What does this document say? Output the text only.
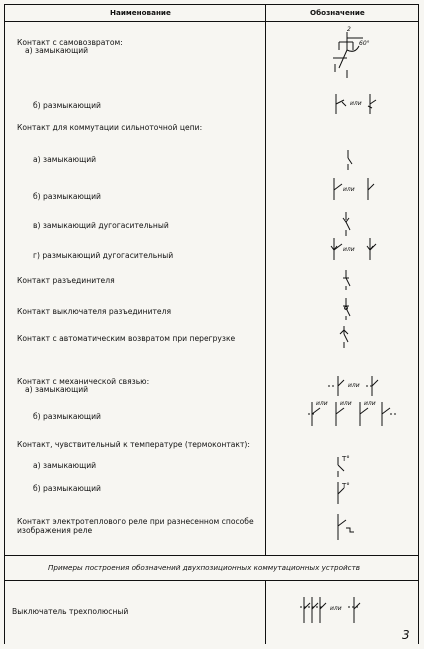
Наименование	Обозначение
Контакт с самовозвратом:
а) замыкающий
б) размыкающий
Контакт для коммутации сильноточной цепи:
а) замыкающий
б) размыкающий
в) замыкающий дугогасительный
г) размыкающий дугогасительный
Контакт разъединителя
Контакт выключателя разъединителя
Контакт с автоматическим возвратом при перегрузке
Контакт с механической связью:
а) замыкающий
б) размыкающий
Контакт, чувствительный к температуре (термоконтакт):
а) замыкающий
б) размыкающий
Контакт электротеплового реле при разнесенном способе
изображения реле
Примеры построения обозначений двухпозиционных коммутационных устройств
Выключатель трехполюсный
2
60°
или
или
или
или
или или или
T°
T°
или
3
